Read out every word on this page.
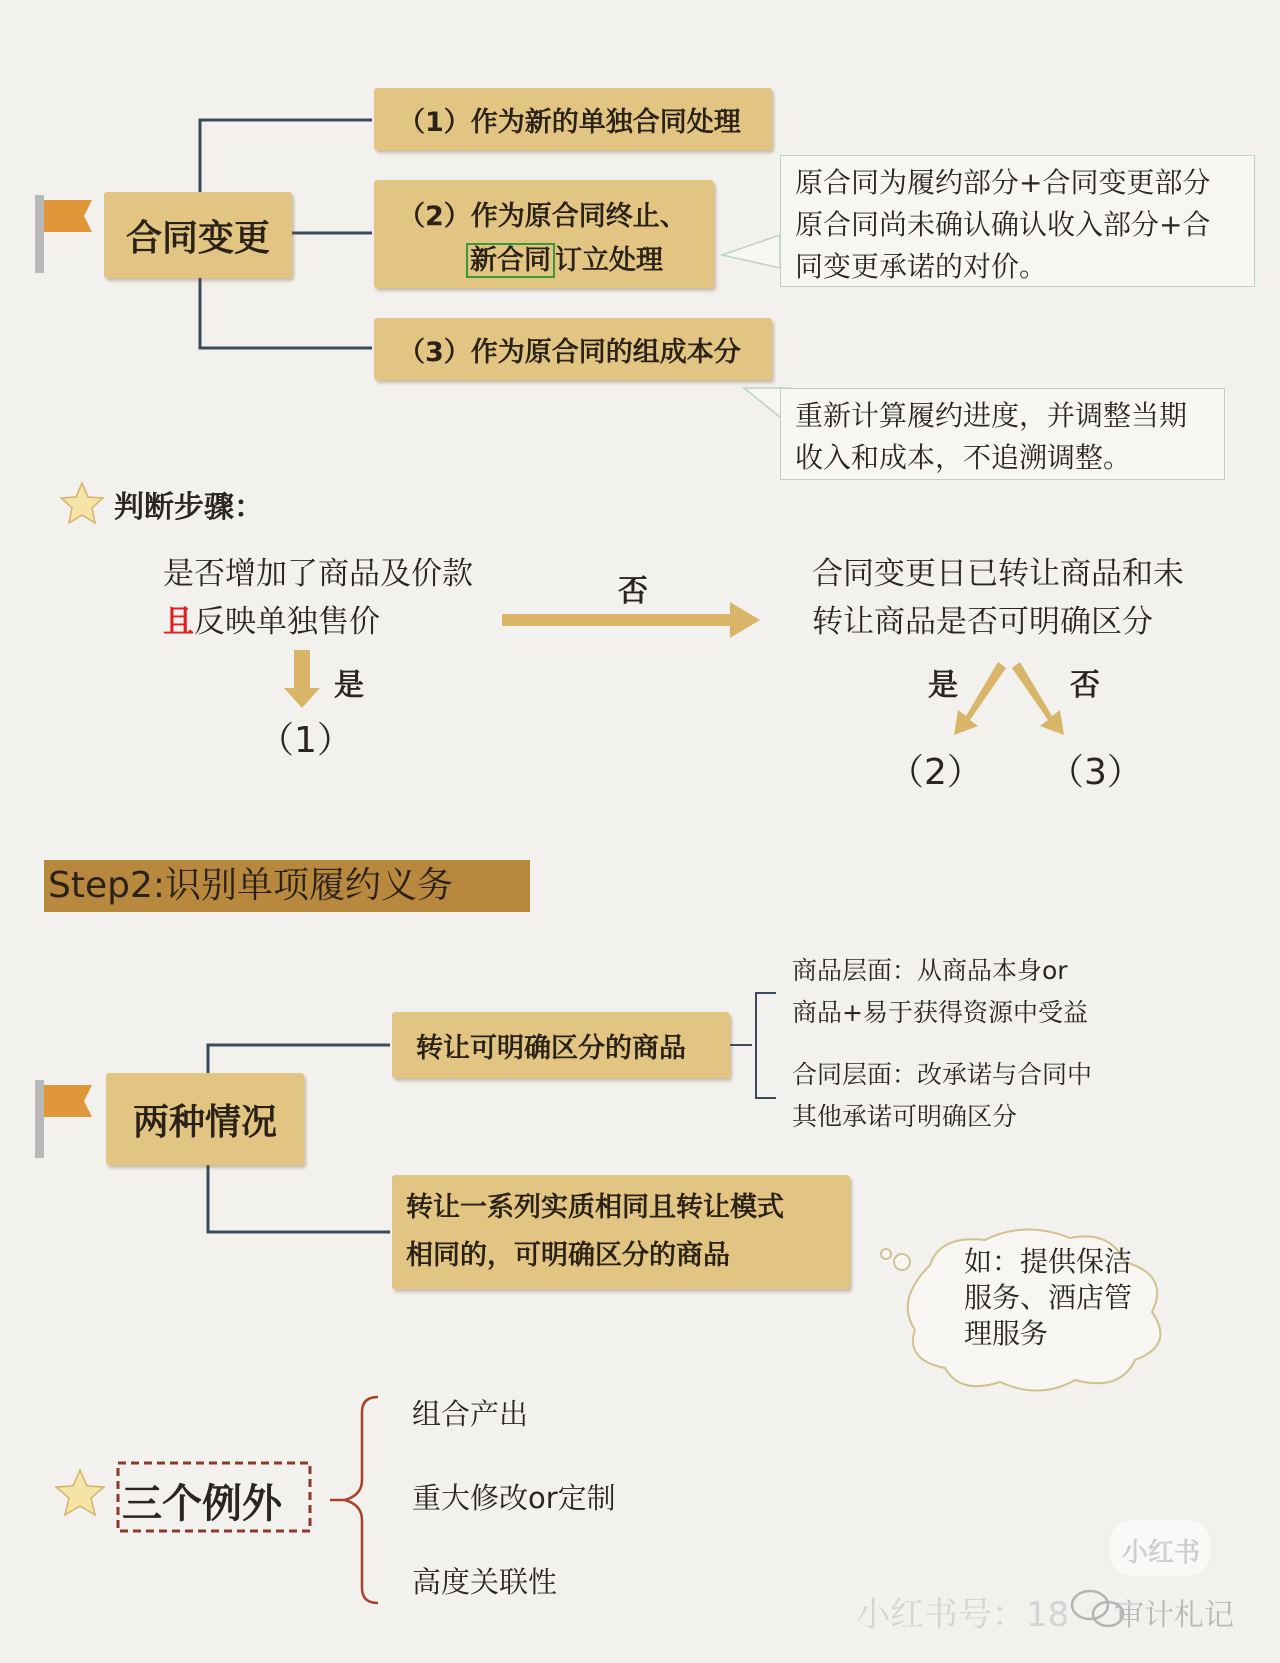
合同变更
（1）作为新的单独合同处理
（2）作为原合同终止、
新合同 订立处理
（3）作为原合同的组成本分
原合同为履约部分+合同变更部分
原合同尚未确认确认收入部分+合
同变更承诺的对价。
重新计算履约进度，并调整当期
收入和成本，不追溯调整。
判断步骤：
是否增加了商品及价款
且反映单独售价
否
是
（1）
合同变更日已转让商品和未
转让商品是否可明确区分
是	否
（2） （3）
Step2:识别单项履约义务
两种情况
转让可明确区分的商品
商品层面：从商品本身or
商品+易于获得资源中受益
合同层面：改承诺与合同中
其他承诺可明确区分
转让一系列实质相同且转让模式
相同的，可明确区分的商品	如：提供保洁
服务、酒店管
理服务
三个例外
组合产出
重大修改or定制
高度关联性
小红书
小红书号：18 审计札记
